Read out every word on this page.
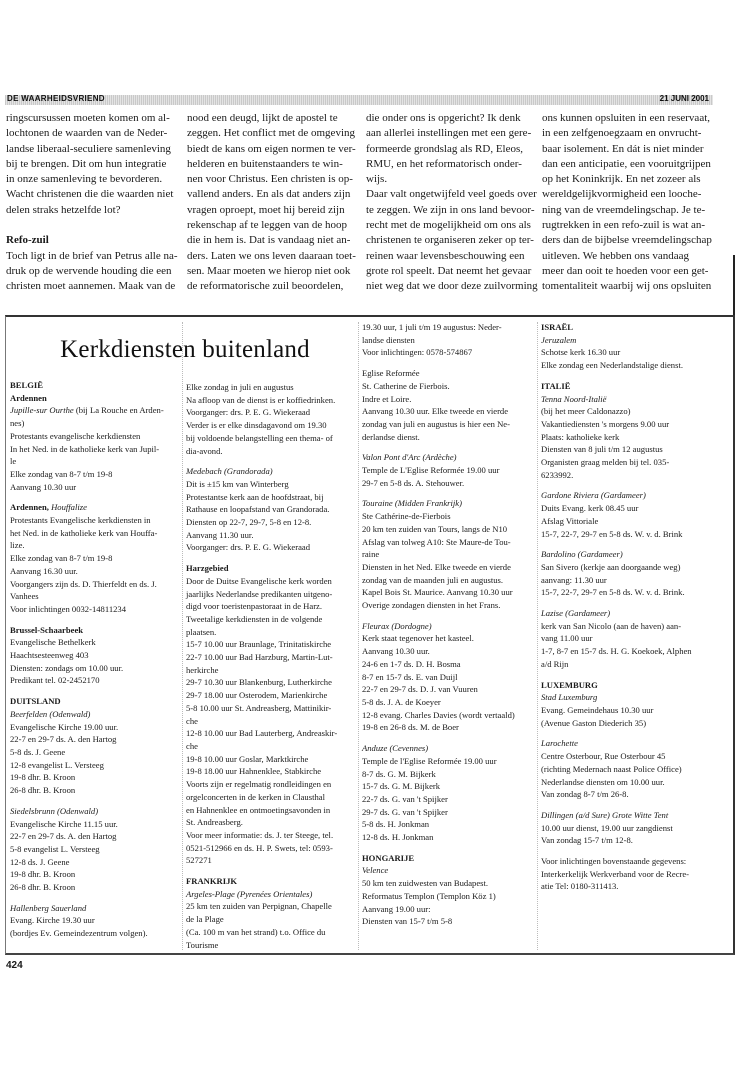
DE WAARHEIDSVRIEND	21 JUNI 2001
ringscursussen moeten komen om al-
lochtonen de waarden van de Neder-
landse liberaal-seculiere samenleving
bij te brengen. Dit om hun integratie
in onze samenleving te bevorderen.
Wacht christenen die die waarden niet
delen straks hetzelfde lot?
Refo-zuil
Toch ligt in de brief van Petrus alle na-
druk op de wervende houding die een
christen moet aannemen. Maak van de
nood een deugd, lijkt de apostel te
zeggen. Het conflict met de omgeving
biedt de kans om eigen normen te ver-
helderen en buitenstaanders te win-
nen voor Christus. Een christen is op-
vallend anders. En als dat anders zijn
vragen oproept, moet hij bereid zijn
rekenschap af te leggen van de hoop
die in hem is. Dat is vandaag niet an-
ders. Laten we ons leven daaraan toet-
sen. Maar moeten we hierop niet ook
de reformatorische zuil beoordelen,
die onder ons is opgericht? Ik denk
aan allerlei instellingen met een gere-
formeerde grondslag als RD, Eleos,
RMU, en het reformatorisch onder-
wijs.
Daar valt ongetwijfeld veel goeds over
te zeggen. We zijn in ons land bevoor-
recht met de mogelijkheid om ons als
christenen te organiseren zeker op ter-
reinen waar levensbeschouwing een
grote rol speelt. Dat neemt het gevaar
niet weg dat we door deze zuilvorming
ons kunnen opsluiten in een reservaat,
in een zelfgenoegzaam en onvrucht-
baar isolement. En dát is niet minder
dan een anticipatie, een vooruitgrijpen
op het Koninkrijk. En net zozeer als
wereldgelijkvormigheid een looche-
ning van de vreemdelingschap. Je te-
rugtrekken in een refo-zuil is wat an-
ders dan de bijbelse vreemdelingschap
uitleven. We hebben ons vandaag
meer dan ooit te hoeden voor een get-
tomentaliteit waarbij wij ons opsluiten
Kerkdiensten buitenland
BELGIË
Ardennen
Jupille-sur Ourthe (bij La Rouche en Arden-
nes)
Protestants evangelische kerkdiensten
In het Ned. in de katholieke kerk van Jupil-
le
Elke zondag van 8-7 t/m 19-8
Aanvang 10.30 uur
Ardennen, Houffalize
Protestants Evangelische kerkdiensten in
het Ned. in de katholieke kerk van Houffa-
lize.
Elke zondag van 8-7 t/m 19-8
Aanvang 16.30 uur.
Voorgangers zijn ds. D. Thierfeldt en ds. J.
Vanhees
Voor inlichtingen 0032-14811234
Brussel-Schaarbeek
Evangelische Bethelkerk
Haachtsesteenweg 403
Diensten: zondags om 10.00 uur.
Predikant tel. 02-2452170
DUITSLAND
Beerfelden (Odenwald)
Evangelische Kirche 19.00 uur.
22-7 en 29-7 ds. A. den Hartog
5-8 ds. J. Geene
12-8 evangelist L. Versteeg
19-8 dhr. B. Kroon
26-8 dhr. B. Kroon
Siedelsbrunn (Odenwald)
Evangelische Kirche 11.15 uur.
22-7 en 29-7 ds. A. den Hartog
5-8 evangelist L. Versteeg
12-8 ds. J. Geene
19-8 dhr. B. Kroon
26-8 dhr. B. Kroon
Hallenberg Sauerland
Evang. Kirche 19.30 uur
(bordjes Ev. Gemeindezentrum volgen).
Elke zondag in juli en augustus
Na afloop van de dienst is er koffiedrinken.
Voorganger: drs. P. E. G. Wiekeraad
Verder is er elke dinsdagavond om 19.30
bij voldoende belangstelling een thema- of
dia-avond.
Medebach (Grandorada)
Dit is ±15 km van Winterberg
Protestantse kerk aan de hoofdstraat, bij
Rathause en loopafstand van Grandorada.
Diensten op 22-7, 29-7, 5-8 en 12-8.
Aanvang 11.30 uur.
Voorganger: drs. P. E. G. Wiekeraad
Harzgebied
Door de Duitse Evangelische kerk worden
jaarlijks Nederlandse predikanten uitgeno-
digd voor toeristenpastoraat in de Harz.
Tweetalige kerkdiensten in de volgende
plaatsen.
15-7 10.00 uur Braunlage, Trinitatiskirche
22-7 10.00 uur Bad Harzburg, Martin-Lut-
herkirche
29-7 10.30 uur Blankenburg, Lutherkirche
29-7 18.00 uur Osterodem, Marienkirche
5-8 10.00 uur St. Andreasberg, Mattinikir-
che
12-8 10.00 uur Bad Lauterberg, Andreaskir-
che
19-8 10.00 uur Goslar, Marktkirche
19-8 18.00 uur Hahnenklee, Stabkirche
Voorts zijn er regelmatig rondleidingen en
orgelconcerten in de kerken in Clausthal
en Hahnenklee en ontmoetingsavonden in
St. Andreasberg.
Voor meer informatie: ds. J. ter Steege, tel.
0521-512966 en ds. H. P. Swets, tel: 0593-
527271
FRANKRIJK
Argeles-Plage (Pyrenées Orientales)
25 km ten zuiden van Perpignan, Chapelle
de la Plage
(Ca. 100 m van het strand) t.o. Office du
Tourisme
19.30 uur, 1 juli t/m 19 augustus: Neder-
landse diensten
Voor inlichtingen: 0578-574867
Eglise Reformée
St. Catherine de Fierbois.
Indre et Loire.
Aanvang 10.30 uur. Elke tweede en vierde
zondag van juli en augustus is hier een Ne-
derlandse dienst.
Valon Pont d'Arc (Ardèche)
Temple de L'Eglise Reformée 19.00 uur
29-7 en 5-8 ds. A. Stehouwer.
Touraine (Midden Frankrijk)
Ste Cathérine-de-Fierbois
20 km ten zuiden van Tours, langs de N10
Afslag van tolweg A10: Ste Maure-de Tou-
raine
Diensten in het Ned. Elke tweede en vierde
zondag van de maanden juli en augustus.
Kapel Bois St. Maurice. Aanvang 10.30 uur
Overige zondagen diensten in het Frans.
Fleurax (Dordogne)
Kerk staat tegenover het kasteel.
Aanvang 10.30 uur.
24-6 en 1-7 ds. D. H. Bosma
8-7 en 15-7 ds. E. van Duijl
22-7 en 29-7 ds. D. J. van Vuuren
5-8 ds. J. A. de Koeyer
12-8 evang. Charles Davies (wordt vertaald)
19-8 en 26-8 ds. M. de Boer
Anduze (Cevennes)
Temple de l'Eglise Reformée 19.00 uur
8-7 ds. G. M. Bijkerk
15-7 ds. G. M. Bijkerk
22-7 ds. G. van 't Spijker
29-7 ds. G. van 't Spijker
5-8 ds. H. Jonkman
12-8 ds. H. Jonkman
HONGARIJE
Velence
50 km ten zuidwesten van Budapest.
Reformatus Templon (Templon Köz 1)
Aanvang 19.00 uur:
Diensten van 15-7 t/m 5-8
ISRAËL
Jeruzalem
Schotse kerk 16.30 uur
Elke zondag een Nederlandstalige dienst.
ITALIË
Tenna Noord-Italië
(bij het meer Caldonazzo)
Vakantiediensten 's morgens 9.00 uur
Plaats: katholieke kerk
Diensten van 8 juli t/m 12 augustus
Organisten graag melden bij tel. 035-
6233992.
Gardone Riviera (Gardameer)
Duits Evang. kerk 08.45 uur
Afslag Vittoriale
15-7, 22-7, 29-7 en 5-8 ds. W. v. d. Brink
Bardolino (Gardameer)
San Sivero (kerkje aan doorgaande weg)
aanvang: 11.30 uur
15-7, 22-7, 29-7 en 5-8 ds. W. v. d. Brink.
Lazise (Gardameer)
kerk van San Nicolo (aan de haven) aan-
vang 11.00 uur
1-7, 8-7 en 15-7 ds. H. G. Koekoek, Alphen
a/d Rijn
LUXEMBURG
Stad Luxemburg
Evang. Gemeindehaus 10.30 uur
(Avenue Gaston Diederich 35)
Larochette
Centre Osterbour, Rue Osterbour 45
(richting Medernach naast Police Office)
Nederlandse diensten om 10.00 uur.
Van zondag 8-7 t/m 26-8.
Dillingen (a/d Sure) Grote Witte Tent
10.00 uur dienst, 19.00 uur zangdienst
Van zondag 15-7 t/m 12-8.
Voor inlichtingen bovenstaande gegevens:
Interkerkelijk Werkverband voor de Recre-
atie Tel: 0180-311413.
424
